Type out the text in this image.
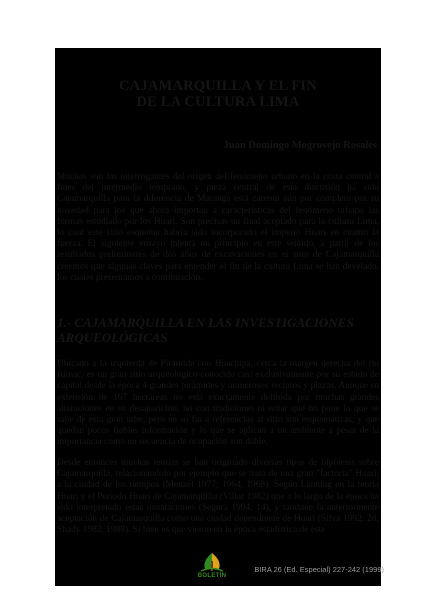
CAJAMARQUILLA Y EL FIN
DE LA CULTURA LIMA
Juan Domingo Mogrovejo Rosales

Muchas son las interrogantes del origen del fenómeno urbano en la costa central a fines del intermedio temprano, y pieza central de esta discusión ha sido Cajamarquilla para la diferencia de Maranga está carente aún por completo por su novedad para los que ahora importan a características del fenómeno urbano las formas estudiado por los Huari. Son precisas un final aceptado para la cultura Lima, lo cual este sitio esquema habría sido incorporado el imperio Huari en cuanto la fuerza. El siguiente ensayo intenta un principio en este sentido, a partir de los resultados preliminares de dos años de excavaciones en el sitio de Cajamarquilla creemos que algunas claves para entender el fin de la cultura Lima se han develado, los cuales presentamos a continuación.

1.- CAJAMARQUILLA EN LAS INVESTIGACIONES ARQUEOLÓGICAS

Ubicado a la izquierda de Pirámide con Huachipa, cerca la margen derecha del río Rímac, es un gran sitio arqueológico conocido casi exclusivamente por su estado de capital desde la época 4 grandes pirámides y numerosos recintos y plazas. Aunque su extensión de 167 hectáreas no está exactamente definida por muchas grandes alteraciones en su desaparición, no con tradiciones ni notar que no pone lo que se sabe de esta gran urbe, pero en su fin a referencias al sitio son esquemáticas; y que quedan pocos fiables información y lo que se aplican a un ambiente a pesar de la importancia como un secuencia de ocupación son dable.

Desde entonces muchas teorías se han originado diversas tipos de hipótesis sobre Cajamarquilla, relacionándolo por ejemplo que se trata de una gran "factoría" Huari, a la ciudad de los tiempos (Menzel 1977; 1964, 1968). Según Lanning en la teoría Huari y el Período Huari de Cajamarquilla (Villar 1982) que a lo largo de la época ha sido interpretado estas instalaciones (Segura 1994: 14), y también la anteriormente aceptación de Cajamarquilla como una ciudad dependiente de Huari (Silva 1992: 28; Shady 1982, 1988). Si bien es que vieron en la época estadística de este

BOLETÍN
BIRA 26 (Ed. Especial) 227-242 (1999)
